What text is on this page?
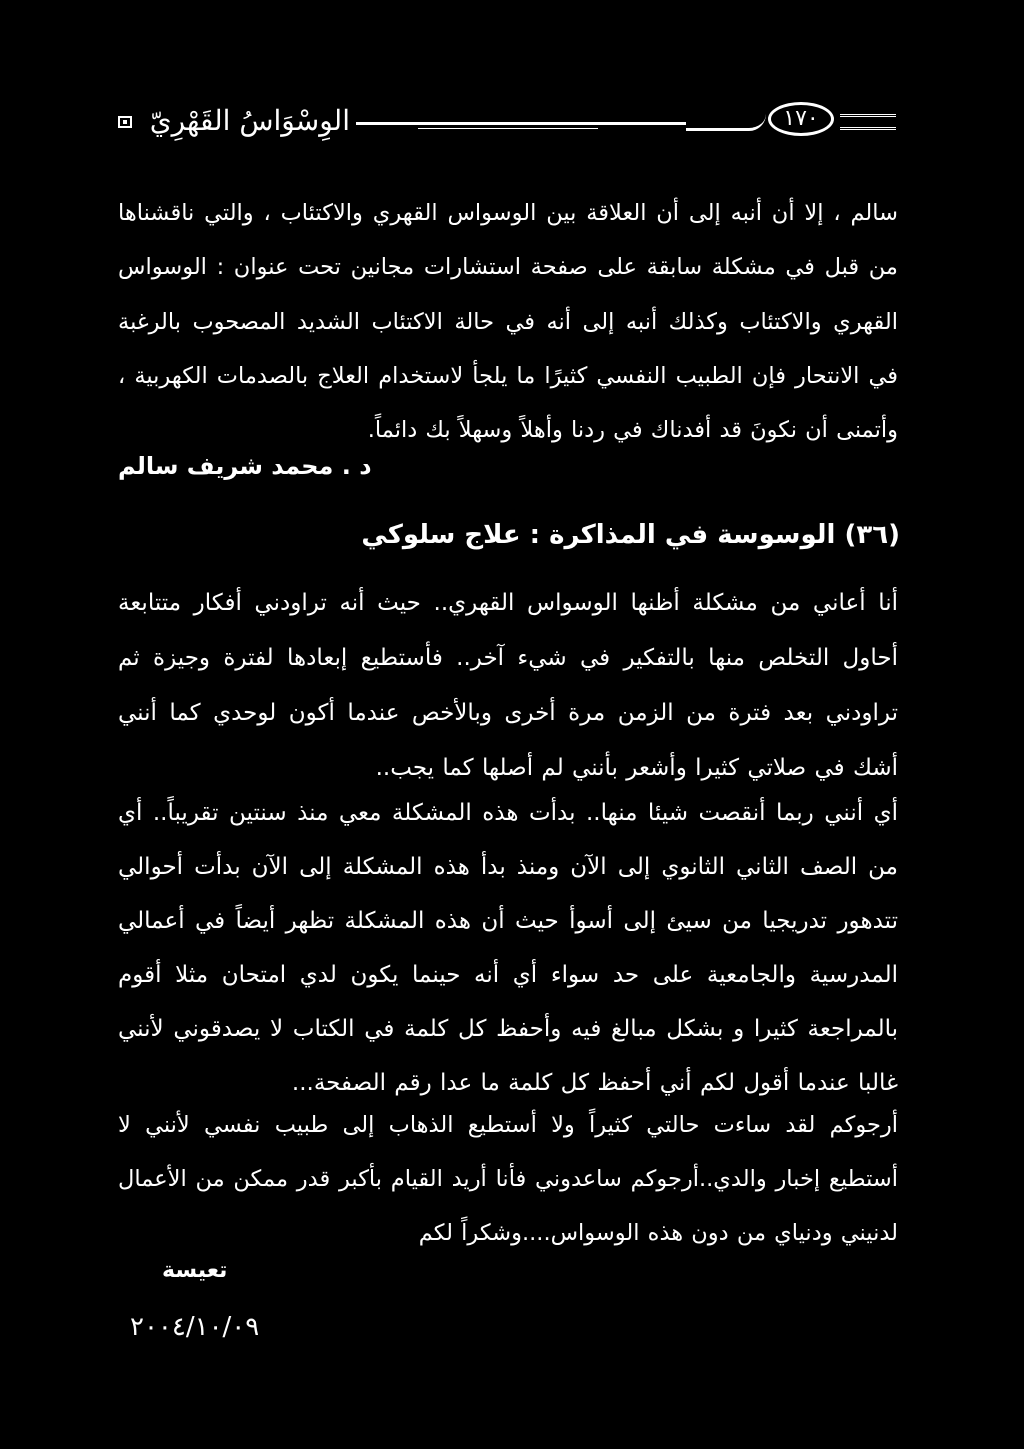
الوِسْوَاسُ القَهْرِيّ	١٧٠
سالم ، إلا أن أنبه إلى أن العلاقة بين الوسواس القهري والاكتئاب ، والتي ناقشناها من قبل في مشكلة سابقة على صفحة استشارات مجانين تحت عنوان : الوسواس القهري والاكتئاب وكذلك أنبه إلى أنه في حالة الاكتئاب الشديد المصحوب بالرغبة في الانتحار فإن الطبيب النفسي كثيرًا ما يلجأ لاستخدام العلاج بالصدمات الكهربية ، وأتمنى أن نكونَ قد أفدناك في ردنا وأهلاً وسهلاً بك دائماً.
د . محمد شريف سالم
(٣٦) الوسوسة في المذاكرة : علاج سلوكي
أنا أعاني من مشكلة أظنها الوسواس القهري.. حيث أنه تراودني أفكار متتابعة أحاول التخلص منها بالتفكير في شيء آخر.. فأستطيع إبعادها لفترة وجيزة ثم تراودني بعد فترة من الزمن مرة أخرى وبالأخص عندما أكون لوحدي كما أنني أشك في صلاتي كثيرا وأشعر بأنني لم أصلها كما يجب..
أي أنني ربما أنقصت شيئا منها.. بدأت هذه المشكلة معي منذ سنتين تقريباً.. أي من الصف الثاني الثانوي إلى الآن ومنذ بدأ هذه المشكلة إلى الآن بدأت أحوالي تتدهور تدريجيا من سيئ إلى أسوأ حيث أن هذه المشكلة تظهر أيضاً في أعمالي المدرسية والجامعية على حد سواء أي أنه حينما يكون لدي امتحان مثلا أقوم بالمراجعة كثيرا و بشكل مبالغ فيه وأحفظ كل كلمة في الكتاب لا يصدقوني لأنني غالبا عندما أقول لكم أني أحفظ كل كلمة ما عدا رقم الصفحة...
أرجوكم لقد ساءت حالتي كثيراً ولا أستطيع الذهاب إلى طبيب نفسي لأنني لا أستطيع إخبار والدي..أرجوكم ساعدوني فأنا أريد القيام بأكبر قدر ممكن من الأعمال لدنيني ودنياي من دون هذه الوسواس....وشكراً لكم
تعيسة
٢٠٠٤/١٠/٠٩
